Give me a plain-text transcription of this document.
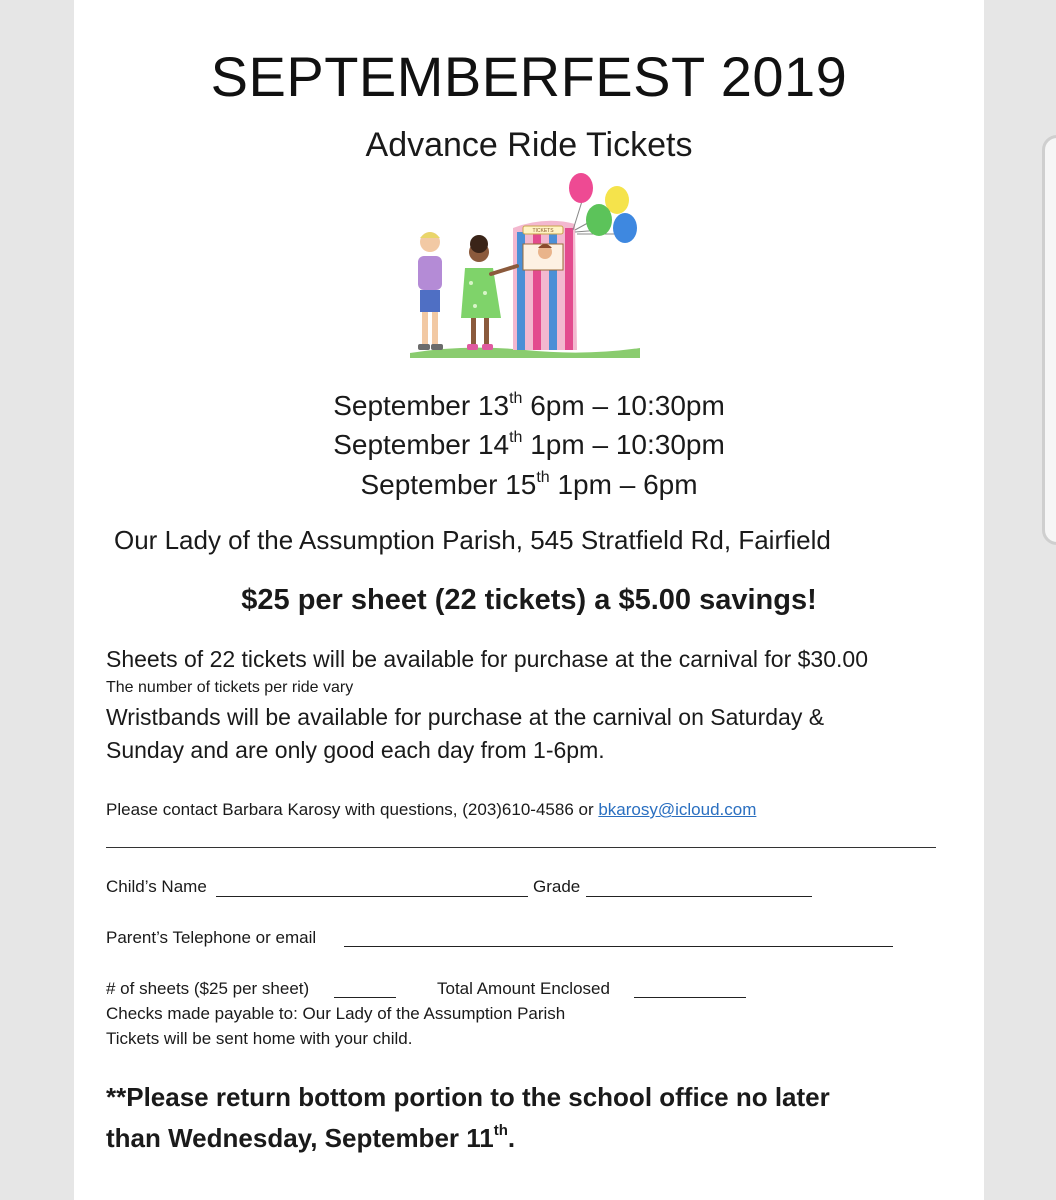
SEPTEMBERFEST 2019
Advance Ride Tickets
TICKETS
September 13th 6pm – 10:30pm
September 14th 1pm – 10:30pm
September 15th 1pm – 6pm
Our Lady of the Assumption Parish, 545 Stratfield Rd, Fairfield
$25 per sheet (22 tickets) a $5.00 savings!
Sheets of 22 tickets will be available for purchase at the carnival for $30.00
The number of tickets per ride vary
Wristbands will be available for purchase at the carnival on Saturday &
Sunday and are only good each day from 1-6pm.
Please contact Barbara Karosy with questions, (203)610-4586 or bkarosy@icloud.com
Child’s Name	Grade
Parent’s Telephone or email
# of sheets ($25 per sheet)	Total Amount Enclosed
Checks made payable to: Our Lady of the Assumption Parish
Tickets will be sent home with your child.
**Please return bottom portion to the school office no later
than Wednesday, September 11th.
